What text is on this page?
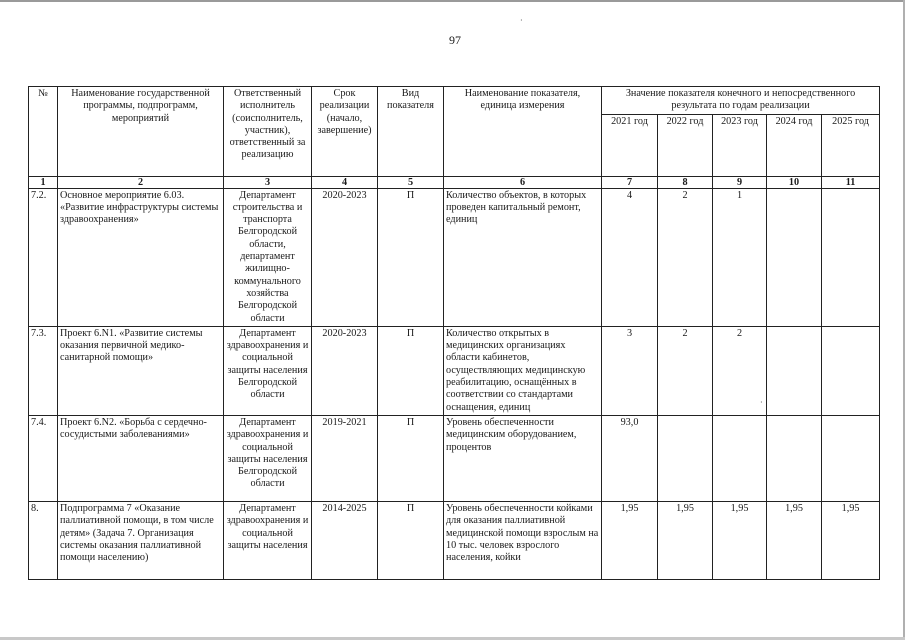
·
·
97
№	Наименование государственной программы, подпрограмм, мероприятий	Ответственный исполнитель (соисполнитель, участник), ответственный за реализацию	Срок реализации (начало, завершение)	Вид показателя	Наименование показателя, единица измерения	Значение показателя конечного и непосредственного результата по годам реализации				
						2021 год	2022 год	2023 год	2024 год	2025 год
1	2	3	4	5	6	7	8	9	10	11
7.2.	Основное мероприятие 6.03. «Развитие инфраструктуры системы здравоохранения»	Департамент строительства и транспорта Белгородской области, департамент жилищно-коммунального хозяйства Белгородской области	2020-2023	П	Количество объектов, в которых проведен капитальный ремонт, единиц	4	2	1		
7.3.	Проект 6.N1. «Развитие системы оказания первичной медико-санитарной помощи»	Департамент здравоохранения и социальной защиты населения Белгородской области	2020-2023	П	Количество открытых в медицинских организациях области кабинетов, осуществляющих медицинскую реабилитацию, оснащённых в соответствии со стандартами оснащения, единиц	3	2	2		
7.4.	Проект 6.N2. «Борьба с сердечно-сосудистыми заболеваниями»	Департамент здравоохранения и социальной защиты населения Белгородской области	2019-2021	П	Уровень обеспеченности медицинским оборудованием, процентов	93,0				
8.	Подпрограмма 7 «Оказание паллиативной помощи, в том числе детям» (Задача 7. Организация системы оказания паллиативной помощи населению)	Департамент здравоохранения и социальной защиты населения	2014-2025	П	Уровень обеспеченности койками для оказания паллиативной медицинской помощи взрослым на 10 тыс. человек взрослого населения, койки	1,95	1,95	1,95	1,95	1,95
